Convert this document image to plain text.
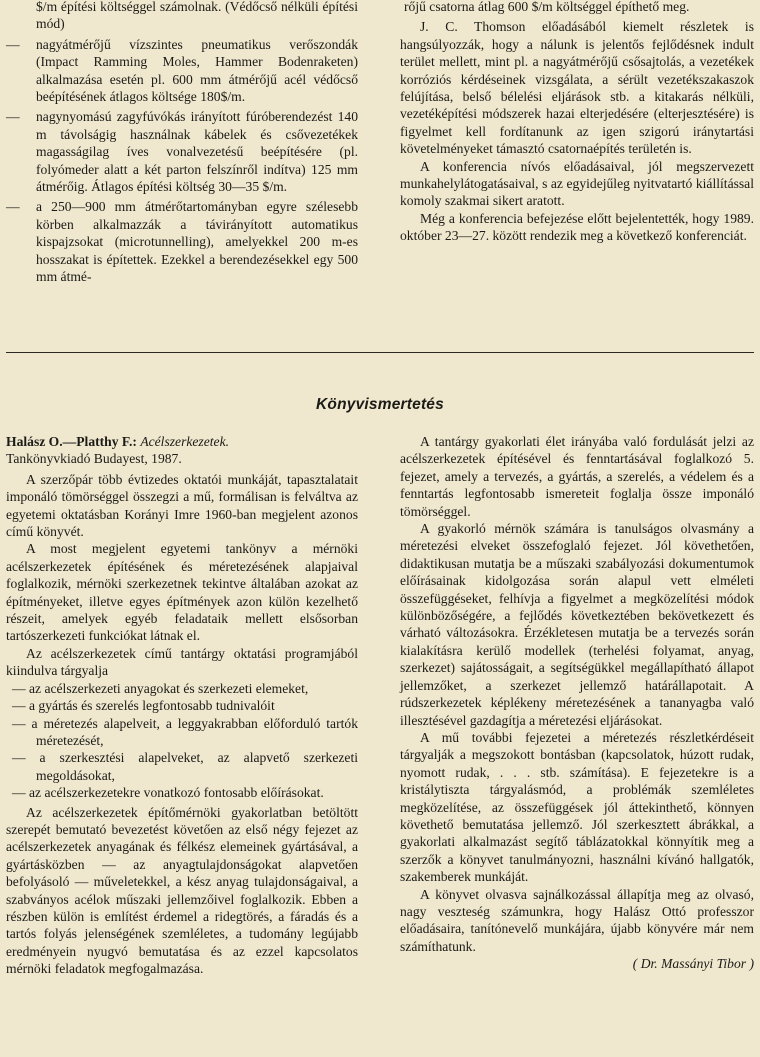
$/m építési költséggel számolnak. (Védőcső nélküli építési mód)

— nagyátmérőjű vízszintes pneumatikus verőszondák (Impact Ramming Moles, Hammer Bodenraketen) alkalmazása esetén pl. 600 mm átmérőjű acél védőcső beépítésének átlagos költsége 180$/m.

— nagynyomású zagyfúvókás irányított fúróberendezést 140 m távolságig használnak kábelek és csővezetékek magasságilag íves vonalvezetésű beépítésére (pl. folyómeder alatt a két parton felszínről indítva) 125 mm átmérőig. Átlagos építési költség 30—35 $/m.

— a 250—900 mm átmérőtartományban egyre szélesebb körben alkalmazzák a távirányított automatikus kispajzsokat (microtunnelling), amelyekkel 200 m-es hosszakat is építettek. Ezekkel a berendezésekkel egy 500 mm átmé-

rőjű csatorna átlag 600 $/m költséggel építhető meg.

J. C. Thomson előadásából kiemelt részletek is hangsúlyozzák, hogy a nálunk is jelentős fejlődésnek indult terület mellett, mint pl. a nagyátmérőjű csősajtolás, a vezetékek korróziós kérdéseinek vizsgálata, a sérült vezetékszakaszok felújítása, belső bélelési eljárások stb. a kitakarás nélküli, vezetéképítési módszerek hazai elterjedésére (elterjesztésére) is figyelmet kell fordítanunk az igen szigorú iránytartási követelményeket támasztó csatornaépítés területén is.

A konferencia nívós előadásaival, jól megszervezett munkahelylátogatásaival, s az egyidejűleg nyitvatartó kiállítással komoly szakmai sikert aratott.

Még a konferencia befejezése előtt bejelentették, hogy 1989. október 23—27. között rendezik meg a következő konferenciát.

Könyvismertetés

Halász O.—Platthy F.: Acélszerkezetek.

Tankönyvkiadó Budayest, 1987.

A szerzőpár több évtizedes oktatói munkáját, tapasztalatait imponáló tömörséggel összegzi a mű, formálisan is felváltva az egyetemi oktatásban Korányi Imre 1960-ban megjelent azonos című könyvét.

A most megjelent egyetemi tankönyv a mérnöki acélszerkezetek építésének és méretezésének alapjaival foglalkozik, mérnöki szerkezetnek tekintve általában azokat az építményeket, illetve egyes építmények azon külön kezelhető részeit, amelyek egyéb feladataik mellett elsősorban tartószerkezeti funkciókat látnak el.

Az acélszerkezetek című tantárgy oktatási programjából kiindulva tárgyalja

— az acélszerkezeti anyagokat és szerkezeti elemeket,

— a gyártás és szerelés legfontosabb tudnivalóit

— a méretezés alapelveit, a leggyakrabban előforduló tartók méretezését,

— a szerkesztési alapelveket, az alapvető szerkezeti megoldásokat,

— az acélszerkezetekre vonatkozó fontosabb előírásokat.

Az acélszerkezetek építőmérnöki gyakorlatban betöltött szerepét bemutató bevezetést követően az első négy fejezet az acélszerkezetek anyagának és félkész elemeinek gyártásával, a gyártásközben — az anyagtulajdonságokat alapvetően befolyásoló — műveletekkel, a kész anyag tulajdonságaival, a szabványos acélok műszaki jellemzőivel foglalkozik. Ebben a részben külön is említést érdemel a ridegtörés, a fáradás és a tartós folyás jelenségének szemléletes, a tudomány legújabb eredményein nyugvó bemutatása és az ezzel kapcsolatos mérnöki feladatok megfogalmazása.

A tantárgy gyakorlati élet irányába való fordulását jelzi az acélszerkezetek építésével és fenntartásával foglalkozó 5. fejezet, amely a tervezés, a gyártás, a szerelés, a védelem és a fenntartás legfontosabb ismereteit foglalja össze imponáló tömörséggel.

A gyakorló mérnök számára is tanulságos olvasmány a méretezési elveket összefoglaló fejezet. Jól követhetően, didaktikusan mutatja be a műszaki szabályozási dokumentumok előírásainak kidolgozása során alapul vett elméleti összefüggéseket, felhívja a figyelmet a megközelítési módok különbözőségére, a fejlődés következtében bekövetkezett és várható változásokra. Érzékletesen mutatja be a tervezés során kialakításra kerülő modellek (terhelési folyamat, anyag, szerkezet) sajátosságait, a segítségükkel megállapítható állapot jellemzőket, a szerkezet jellemző határállapotait. A rúdszerkezetek képlékeny méretezésének a tananyagba való illesztésével gazdagítja a méretezési eljárásokat.

A mű további fejezetei a méretezés részletkérdéseit tárgyalják a megszokott bontásban (kapcsolatok, húzott rudak, nyomott rudak, . . . stb. számítása). E fejezetekre is a kristálytiszta tárgyalásmód, a problémák szemléletes megközelítése, az összefüggések jól áttekinthető, könnyen követhető bemutatása jellemző. Jól szerkesztett ábrákkal, a gyakorlati alkalmazást segítő táblázatokkal könnyítik meg a szerzők a könyvet tanulmányozni, használni kívánó hallgatók, szakemberek munkáját.

A könyvet olvasva sajnálkozással állapítja meg az olvasó, nagy veszteség számunkra, hogy Halász Ottó professzor előadásaira, tanítónevelő munkájára, újabb könyvére már nem számíthatunk.

( Dr. Massányi Tibor )
